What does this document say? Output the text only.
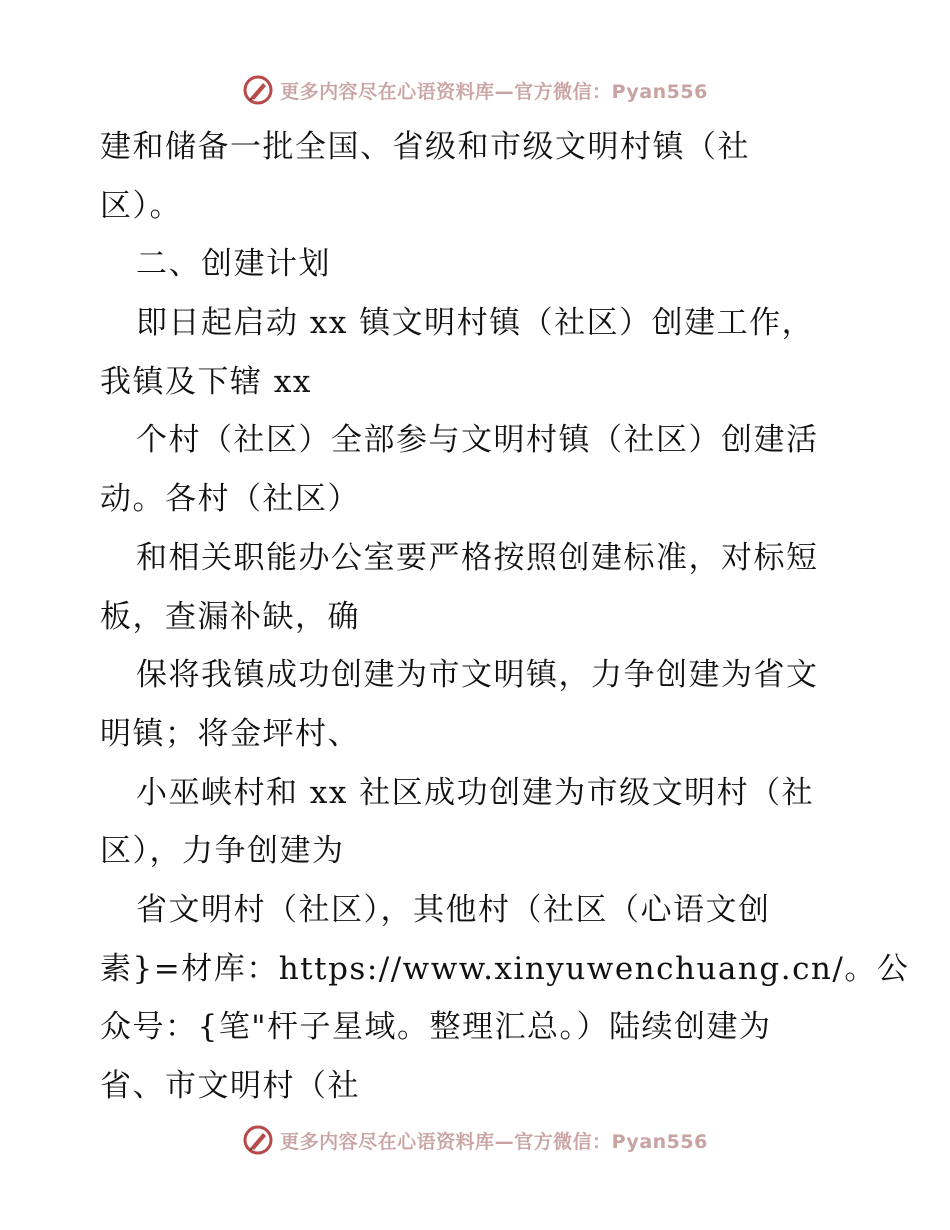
更多内容尽在心语资料库—官方微信：Pyan556
建和储备一批全国、省级和市级文明村镇（社
区）。
二、创建计划
即日起启动 xx 镇文明村镇（社区）创建工作，
我镇及下辖 xx
个村（社区）全部参与文明村镇（社区）创建活
动。各村（社区）
和相关职能办公室要严格按照创建标准，对标短
板，查漏补缺，确
保将我镇成功创建为市文明镇，力争创建为省文
明镇；将金坪村、
小巫峡村和 xx 社区成功创建为市级文明村（社
区），力争创建为
省文明村（社区），其他村（社区（心语文创
素}=材库：https://www.xinyuwenchuang.cn/。公
众号：{笔"杆子星域。整理汇总。）陆续创建为
省、市文明村（社
更多内容尽在心语资料库—官方微信：Pyan556
